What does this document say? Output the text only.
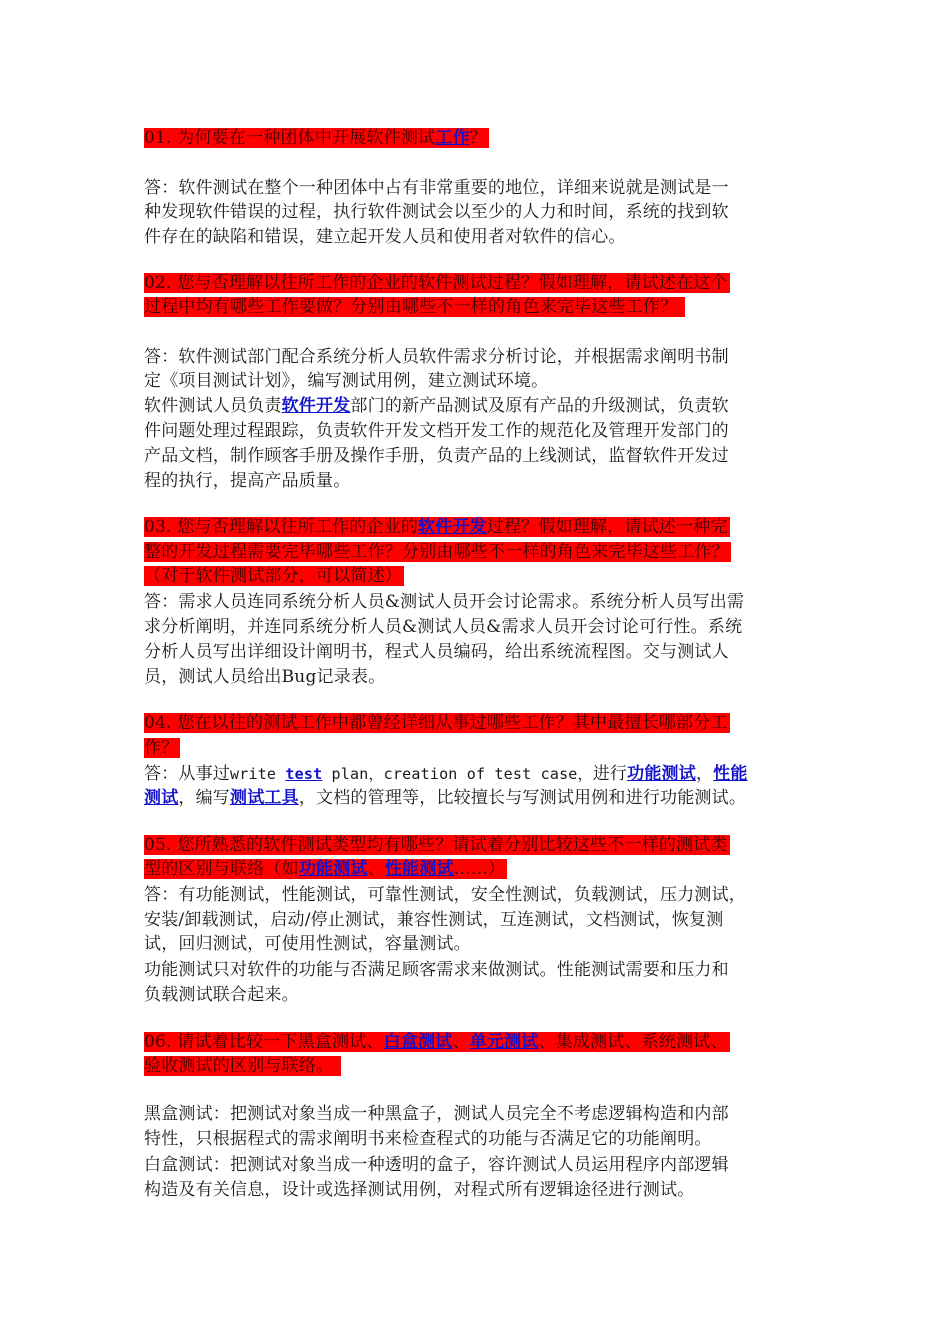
01. 为何要在一种团体中开展软件测试工作？
答：软件测试在整个一种团体中占有非常重要的地位，详细来说就是测试是一
种发现软件错误的过程，执行软件测试会以至少的人力和时间，系统的找到软
件存在的缺陷和错误，建立起开发人员和使用者对软件的信心。
02. 您与否理解以往所工作的企业的软件测试过程？假如理解，请试述在这个
过程中均有哪些工作要做？分别由哪些不一样的角色来完毕这些工作？
答：软件测试部门配合系统分析人员软件需求分析讨论，并根据需求阐明书制
定《项目测试计划》，编写测试用例，建立测试环境。
软件测试人员负责软件开发部门的新产品测试及原有产品的升级测试，负责软
件问题处理过程跟踪，负责软件开发文档开发工作的规范化及管理开发部门的
产品文档，制作顾客手册及操作手册，负责产品的上线测试，监督软件开发过
程的执行，提高产品质量。
03. 您与否理解以往所工作的企业的软件开发过程？假如理解，请试述一种完
整的开发过程需要完毕哪些工作？分别由哪些不一样的角色来完毕这些工作？
（对于软件测试部分，可以简述）
答：需求人员连同系统分析人员&测试人员开会讨论需求。系统分析人员写出需
求分析阐明，并连同系统分析人员&测试人员&需求人员开会讨论可行性。系统
分析人员写出详细设计阐明书，程式人员编码，给出系统流程图。交与测试人
员，测试人员给出Bug记录表。
04. 您在以往的测试工作中都曾经详细从事过哪些工作？其中最擅长哪部分工
作？
答：从事过write test plan，creation of test case，进行功能测试，性能
测试，编写测试工具，文档的管理等，比较擅长与写测试用例和进行功能测试。
05. 您所熟悉的软件测试类型均有哪些？请试着分别比较这些不一样的测试类
型的区别与联络（如功能测试、性能测试……）
答：有功能测试，性能测试，可靠性测试，安全性测试，负载测试，压力测试，
安装/卸载测试，启动/停止测试，兼容性测试，互连测试，文档测试，恢复测
试，回归测试，可使用性测试，容量测试。
功能测试只对软件的功能与否满足顾客需求来做测试。性能测试需要和压力和
负载测试联合起来。
06. 请试着比较一下黑盒测试、白盒测试、单元测试、集成测试、系统测试、
验收测试的区别与联络。
黑盒测试：把测试对象当成一种黑盒子，测试人员完全不考虑逻辑构造和内部
特性，只根据程式的需求阐明书来检查程式的功能与否满足它的功能阐明。
白盒测试：把测试对象当成一种透明的盒子，容许测试人员运用程序内部逻辑
构造及有关信息，设计或选择测试用例，对程式所有逻辑途径进行测试。
